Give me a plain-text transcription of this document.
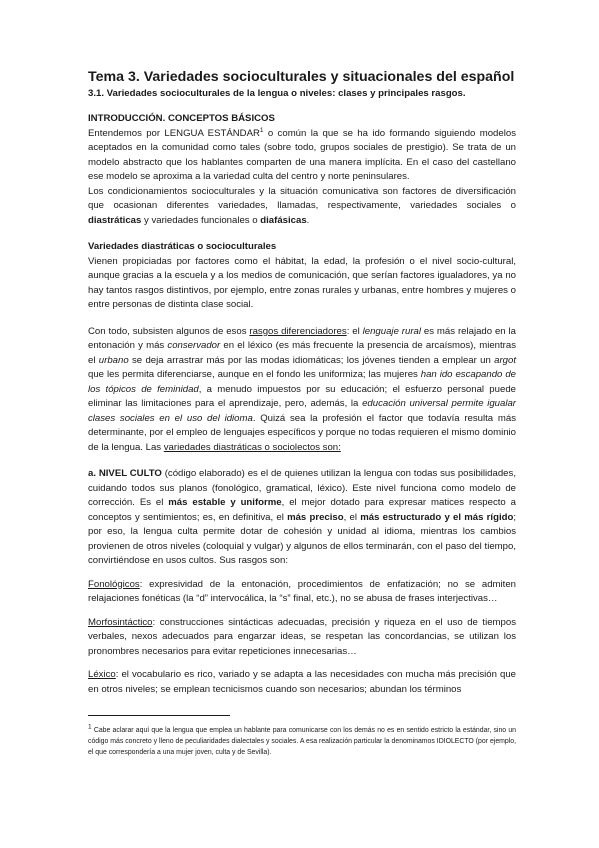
Tema 3. Variedades socioculturales y situacionales del español

3.1. Variedades socioculturales de la lengua o niveles: clases y principales rasgos.

INTRODUCCIÓN. CONCEPTOS BÁSICOS

Entendemos por LENGUA ESTÁNDAR$^1$ o común la que se ha ido formando siguiendo modelos aceptados en la comunidad como tales (sobre todo, grupos sociales de prestigio). Se trata de un modelo abstracto que los hablantes comparten de una manera implícita. En el caso del castellano ese modelo se aproxima a la variedad culta del centro y norte peninsulares.

Los condicionamientos socioculturales y la situación comunicativa son factores de diversificación que ocasionan diferentes variedades, llamadas, respectivamente, variedades sociales o diastráticas y variedades funcionales o diafásicas.

Variedades diastráticas o socioculturales

Vienen propiciadas por factores como el hábitat, la edad, la profesión o el nivel socio-cultural, aunque gracias a la escuela y a los medios de comunicación, que serían factores igualadores, ya no hay tantos rasgos distintivos, por ejemplo, entre zonas rurales y urbanas, entre hombres y mujeres o entre personas de distinta clase social.

Con todo, subsisten algunos de esos rasgos diferenciadores: el lenguaje rural es más relajado en la entonación y más conservador en el léxico (es más frecuente la presencia de arcaísmos), mientras el urbano se deja arrastrar más por las modas idiomáticas; los jóvenes tienden a emplear un argot que les permita diferenciarse, aunque en el fondo les uniformiza; las mujeres han ido escapando de los tópicos de feminidad, a menudo impuestos por su educación; el esfuerzo personal puede eliminar las limitaciones para el aprendizaje, pero, además, la educación universal permite igualar clases sociales en el uso del idioma. Quizá sea la profesión el factor que todavía resulta más determinante, por el empleo de lenguajes específicos y porque no todas requieren el mismo dominio de la lengua. Las variedades diastráticas o sociolectos son:

a. NIVEL CULTO (código elaborado) es el de quienes utilizan la lengua con todas sus posibilidades, cuidando todos sus planos (fonológico, gramatical, léxico). Este nivel funciona como modelo de corrección. Es el más estable y uniforme, el mejor dotado para expresar matices respecto a conceptos y sentimientos; es, en definitiva, el más preciso, el más estructurado y el más rígido; por eso, la lengua culta permite dotar de cohesión y unidad al idioma, mientras los cambios provienen de otros niveles (coloquial y vulgar) y algunos de ellos terminarán, con el paso del tiempo, convirtiéndose en usos cultos. Sus rasgos son:

Fonológicos: expresividad de la entonación, procedimientos de enfatización; no se admiten relajaciones fonéticas (la “d” intervocálica, la “s” final, etc.), no se abusa de frases interjectivas…

Morfosintáctico: construcciones sintácticas adecuadas, precisión y riqueza en el uso de tiempos verbales, nexos adecuados para engarzar ideas, se respetan las concordancias, se utilizan los pronombres necesarios para evitar repeticiones innecesarias…

Léxico: el vocabulario es rico, variado y se adapta a las necesidades con mucha más precisión que en otros niveles; se emplean tecnicismos cuando son necesarios; abundan los términos

$^1$ Cabe aclarar aquí que la lengua que emplea un hablante para comunicarse con los demás no es en sentido estricto la estándar, sino un código más concreto y lleno de peculiaridades dialectales y sociales. A esa realización particular la denominamos IDIOLECTO (por ejemplo, el que correspondería a una mujer joven, culta y de Sevilla).
